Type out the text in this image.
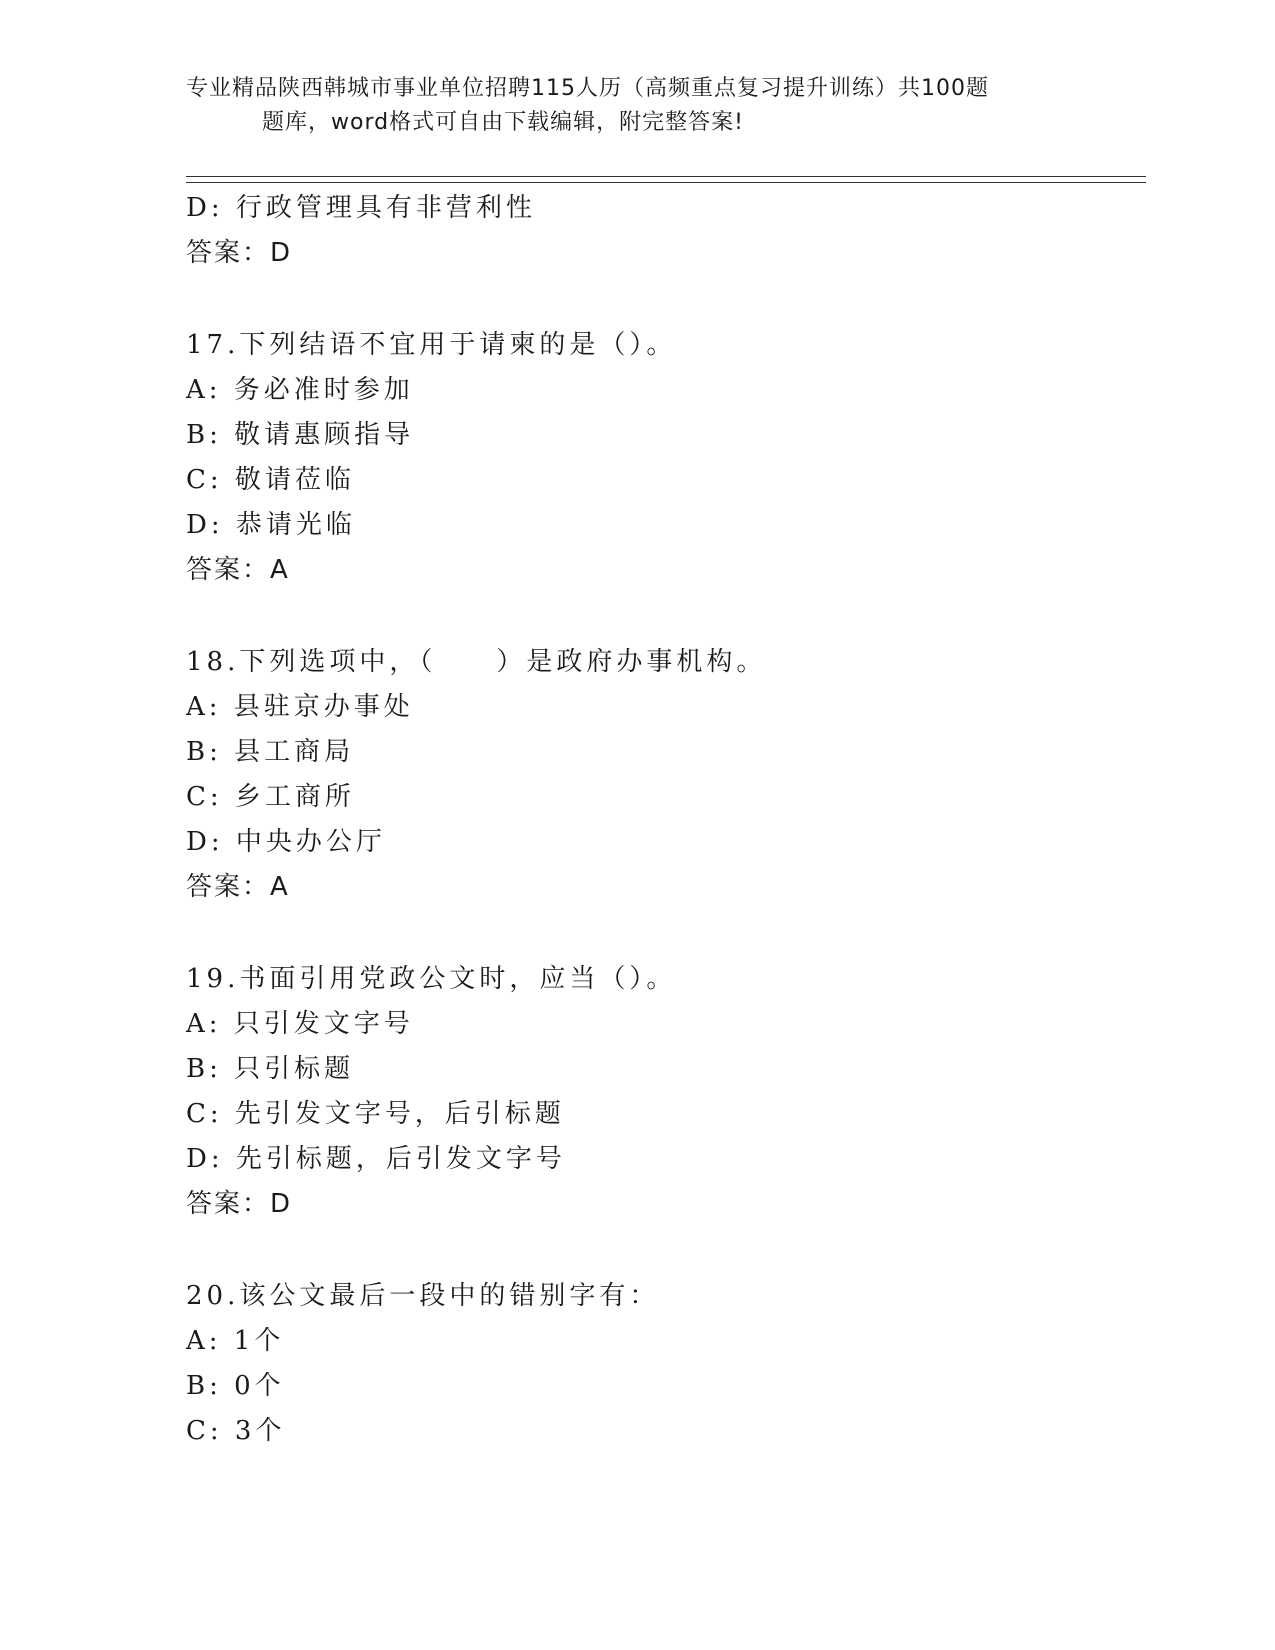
专业精品陕西韩城市事业单位招聘115人历（高频重点复习提升训练）共100题
题库，word格式可自由下载编辑，附完整答案!
D: 行政管理具有非营利性
答案：D
17.下列结语不宜用于请柬的是（）。
A: 务必准时参加
B: 敬请惠顾指导
C: 敬请莅临
D: 恭请光临
答案：A
18.下列选项中，（　　）是政府办事机构。
A: 县驻京办事处
B: 县工商局
C: 乡工商所
D: 中央办公厅
答案：A
19.书面引用党政公文时，应当（）。
A: 只引发文字号
B: 只引标题
C: 先引发文字号，后引标题
D: 先引标题，后引发文字号
答案：D
20.该公文最后一段中的错别字有：
A: 1个
B: 0个
C: 3个
